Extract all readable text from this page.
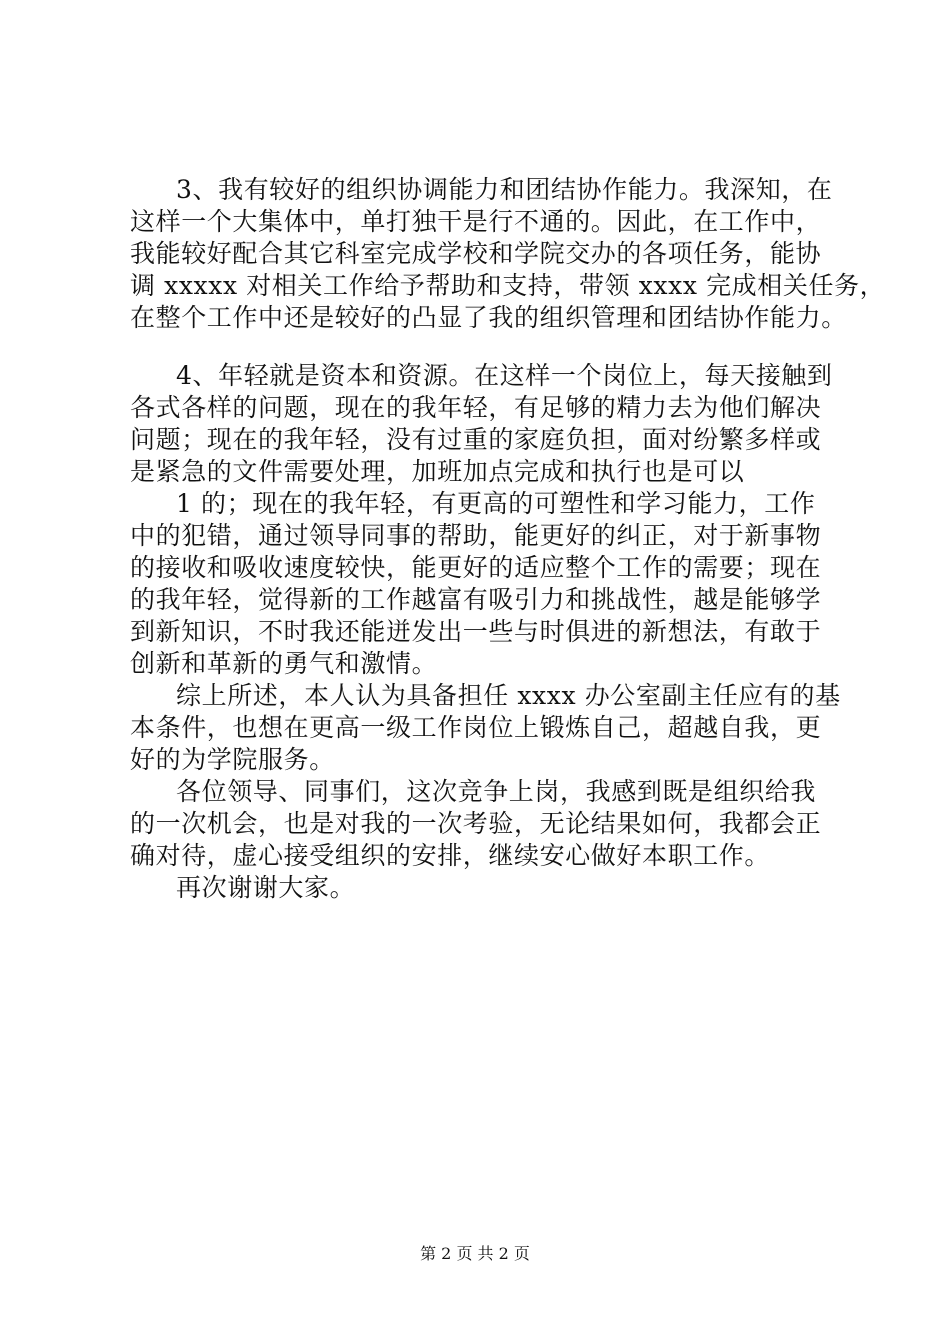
3、我有较好的组织协调能力和团结协作能力。我深知，在
这样一个大集体中，单打独干是行不通的。因此，在工作中，
我能较好配合其它科室完成学校和学院交办的各项任务，能协
调 xxxxx 对相关工作给予帮助和支持，带领 xxxx 完成相关任务，
在整个工作中还是较好的凸显了我的组织管理和团结协作能力。
4、年轻就是资本和资源。在这样一个岗位上，每天接触到
各式各样的问题，现在的我年轻，有足够的精力去为他们解决
问题；现在的我年轻，没有过重的家庭负担，面对纷繁多样或
是紧急的文件需要处理，加班加点完成和执行也是可以
1 的；现在的我年轻，有更高的可塑性和学习能力，工作
中的犯错，通过领导同事的帮助，能更好的纠正，对于新事物
的接收和吸收速度较快，能更好的适应整个工作的需要；现在
的我年轻，觉得新的工作越富有吸引力和挑战性，越是能够学
到新知识，不时我还能迸发出一些与时俱进的新想法，有敢于
创新和革新的勇气和激情。
综上所述，本人认为具备担任 xxxx 办公室副主任应有的基
本条件，也想在更高一级工作岗位上锻炼自己，超越自我，更
好的为学院服务。
各位领导、同事们，这次竞争上岗，我感到既是组织给我
的一次机会，也是对我的一次考验，无论结果如何，我都会正
确对待，虚心接受组织的安排，继续安心做好本职工作。
再次谢谢大家。
第 2 页 共 2 页
